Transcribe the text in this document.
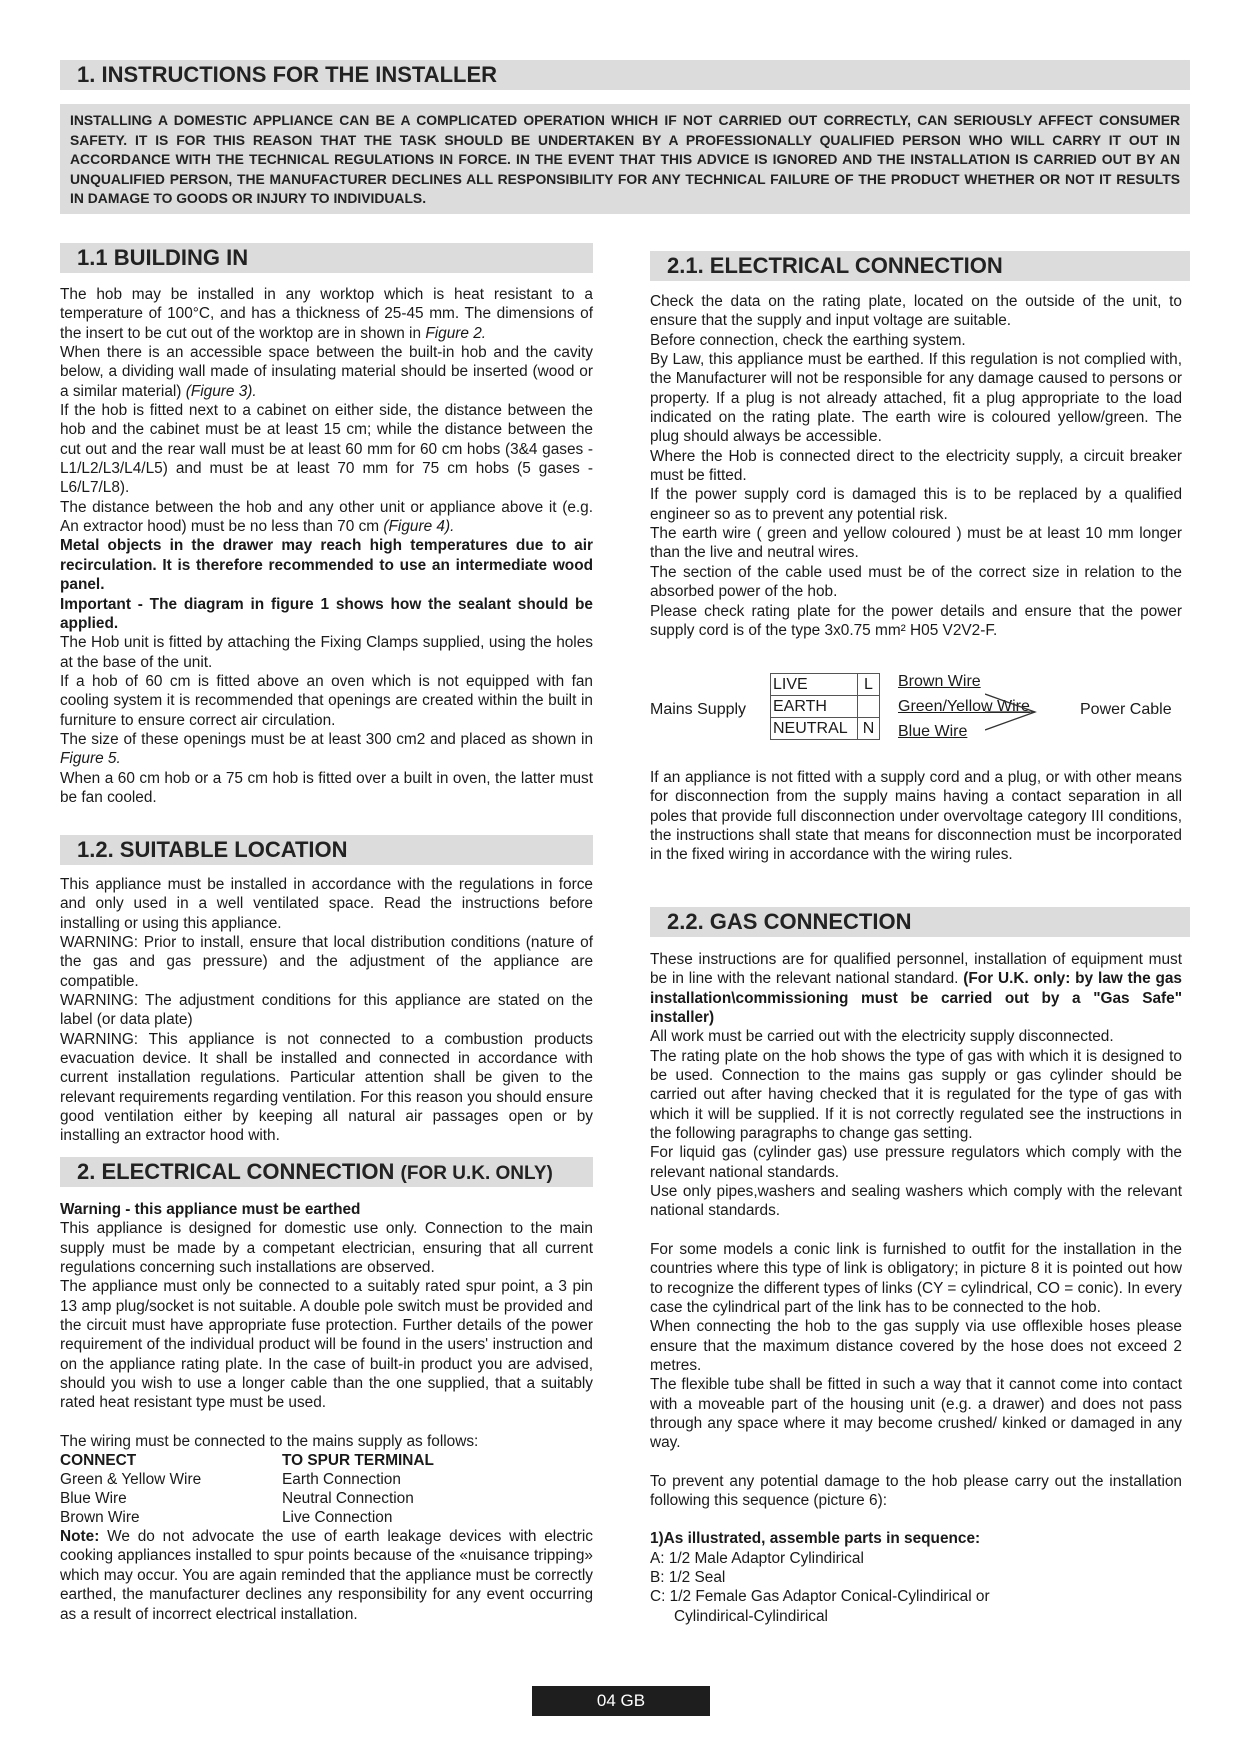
1. INSTRUCTIONS FOR THE INSTALLER
INSTALLING A DOMESTIC APPLIANCE CAN BE A COMPLICATED OPERATION WHICH IF NOT CARRIED OUT CORRECTLY, CAN SERIOUSLY AFFECT CONSUMER SAFETY. IT IS FOR THIS REASON THAT THE TASK SHOULD BE UNDERTAKEN BY A PROFESSIONALLY QUALIFIED PERSON WHO WILL CARRY IT OUT IN ACCORDANCE WITH THE TECHNICAL REGULATIONS IN FORCE. IN THE EVENT THAT THIS ADVICE IS IGNORED AND THE INSTALLATION IS CARRIED OUT BY AN UNQUALIFIED PERSON, THE MANUFACTURER DECLINES ALL RESPONSIBILITY FOR ANY TECHNICAL FAILURE OF THE PRODUCT WHETHER OR NOT IT RESULTS IN DAMAGE TO GOODS OR INJURY TO INDIVIDUALS.
1.1 BUILDING IN

The hob may be installed in any worktop which is heat resistant to a temperature of 100°C, and has a thickness of 25-45 mm. The dimensions of the insert to be cut out of the worktop are in shown in Figure 2.

When there is an accessible space between the built-in hob and the cavity below, a dividing wall made of insulating material should be inserted (wood or a similar material) (Figure 3).

If the hob is fitted next to a cabinet on either side, the distance between the hob and the cabinet must be at least 15 cm; while the distance between the cut out and the rear wall must be at least 60 mm for 60 cm hobs (3&4 gases - L1/L2/L3/L4/L5) and must be at least 70 mm for 75 cm hobs (5 gases - L6/L7/L8).

The distance between the hob and any other unit or appliance above it (e.g. An extractor hood) must be no less than 70 cm (Figure 4).

Metal objects in the drawer may reach high temperatures due to air recirculation. It is therefore recommended to use an intermediate wood panel.

Important - The diagram in figure 1 shows how the sealant should be applied.

The Hob unit is fitted by attaching the Fixing Clamps supplied, using the holes at the base of the unit.

If a hob of 60 cm is fitted above an oven which is not equipped with fan cooling system it is recommended that openings are created within the built in furniture to ensure correct air circulation.

The size of these openings must be at least 300 cm2 and placed as shown in Figure 5.

When a 60 cm hob or a 75 cm hob is fitted over a built in oven, the latter must be fan cooled.

1.2. SUITABLE LOCATION

This appliance must be installed in accordance with the regulations in force and only used in a well ventilated space. Read the instructions before installing or using this appliance.

WARNING: Prior to install, ensure that local distribution conditions (nature of the gas and gas pressure) and the adjustment of the appliance are compatible.

WARNING: The adjustment conditions for this appliance are stated on the label (or data plate)

WARNING: This appliance is not connected to a combustion products evacuation device. It shall be installed and connected in accordance with current installation regulations. Particular attention shall be given to the relevant requirements regarding ventilation. For this reason you should ensure good ventilation either by keeping all natural air passages open or by installing an extractor hood with.

2. ELECTRICAL CONNECTION (FOR U.K. ONLY)

Warning - this appliance must be earthed

This appliance is designed for domestic use only. Connection to the main supply must be made by a competant electrician, ensuring that all current regulations concerning such installations are observed.

The appliance must only be connected to a suitably rated spur point, a 3 pin 13 amp plug/socket is not suitable. A double pole switch must be provided and the circuit must have appropriate fuse protection. Further details of the power requirement of the individual product will be found in the users' instruction and on the appliance rating plate. In the case of built-in product you are advised, should you wish to use a longer cable than the one supplied, that a suitably rated heat resistant type must be used.

The wiring must be connected to the mains supply as follows:

CONNECT	TO SPUR TERMINAL
Green & Yellow Wire	Earth Connection
Blue Wire	Neutral Connection
Brown Wire	Live Connection

Note: We do not advocate the use of earth leakage devices with electric cooking appliances installed to spur points because of the «nuisance tripping» which may occur. You are again reminded that the appliance must be correctly earthed, the manufacturer declines any responsibility for any event occurring as a result of incorrect electrical installation.

2.1. ELECTRICAL CONNECTION

Check the data on the rating plate, located on the outside of the unit, to ensure that the supply and input voltage are suitable.

Before connection, check the earthing system.

By Law, this appliance must be earthed. If this regulation is not complied with, the Manufacturer will not be responsible for any damage caused to persons or property. If a plug is not already attached, fit a plug appropriate to the load indicated on the rating plate. The earth wire is coloured yellow/green. The plug should always be accessible.

Where the Hob is connected direct to the electricity supply, a circuit breaker must be fitted.

If the power supply cord is damaged this is to be replaced by a qualified engineer so as to prevent any potential risk.

The earth wire ( green and yellow coloured ) must be at least 10 mm longer than the live and neutral wires.

The section of the cable used must be of the correct size in relation to the absorbed power of the hob.

Please check rating plate for the power details and ensure that the power supply cord is of the type 3x0.75 mm² H05 V2V2-F.

Mains Supply
LIVE	L
EARTH	
NEUTRAL	N
Brown Wire
Green/Yellow Wire
Blue Wire
Power Cable

If an appliance is not fitted with a supply cord and a plug, or with other means for disconnection from the supply mains having a contact separation in all poles that provide full disconnection under overvoltage category III conditions, the instructions shall state that means for disconnection must be incorporated in the fixed wiring in accordance with the wiring rules.

2.2. GAS CONNECTION

These instructions are for qualified personnel, installation of equipment must be in line with the relevant national standard. (For U.K. only: by law the gas installation\commissioning must be carried out by a "Gas Safe" installer)

All work must be carried out with the electricity supply disconnected.

The rating plate on the hob shows the type of gas with which it is designed to be used. Connection to the mains gas supply or gas cylinder should be carried out after having checked that it is regulated for the type of gas with which it will be supplied. If it is not correctly regulated see the instructions in the following paragraphs to change gas setting.

For liquid gas (cylinder gas) use pressure regulators which comply with the relevant national standards.

Use only pipes,washers and sealing washers which comply with the relevant national standards.

For some models a conic link is furnished to outfit for the installation in the countries where this type of link is obligatory; in picture 8 it is pointed out how to recognize the different types of links (CY = cylindrical, CO = conic). In every case the cylindrical part of the link has to be connected to the hob.

When connecting the hob to the gas supply via use offlexible hoses please ensure that the maximum distance covered by the hose does not exceed 2 metres.

The flexible tube shall be fitted in such a way that it cannot come into contact with a moveable part of the housing unit (e.g. a drawer) and does not pass through any space where it may become crushed/ kinked or damaged in any way.

To prevent any potential damage to the hob please carry out the installation following this sequence (picture 6):

1)As illustrated, assemble parts in sequence:

A: 1/2 Male Adaptor Cylindirical

B: 1/2 Seal

C: 1/2 Female Gas Adaptor Conical-Cylindirical or

Cylindirical-Cylindirical

04 GB
